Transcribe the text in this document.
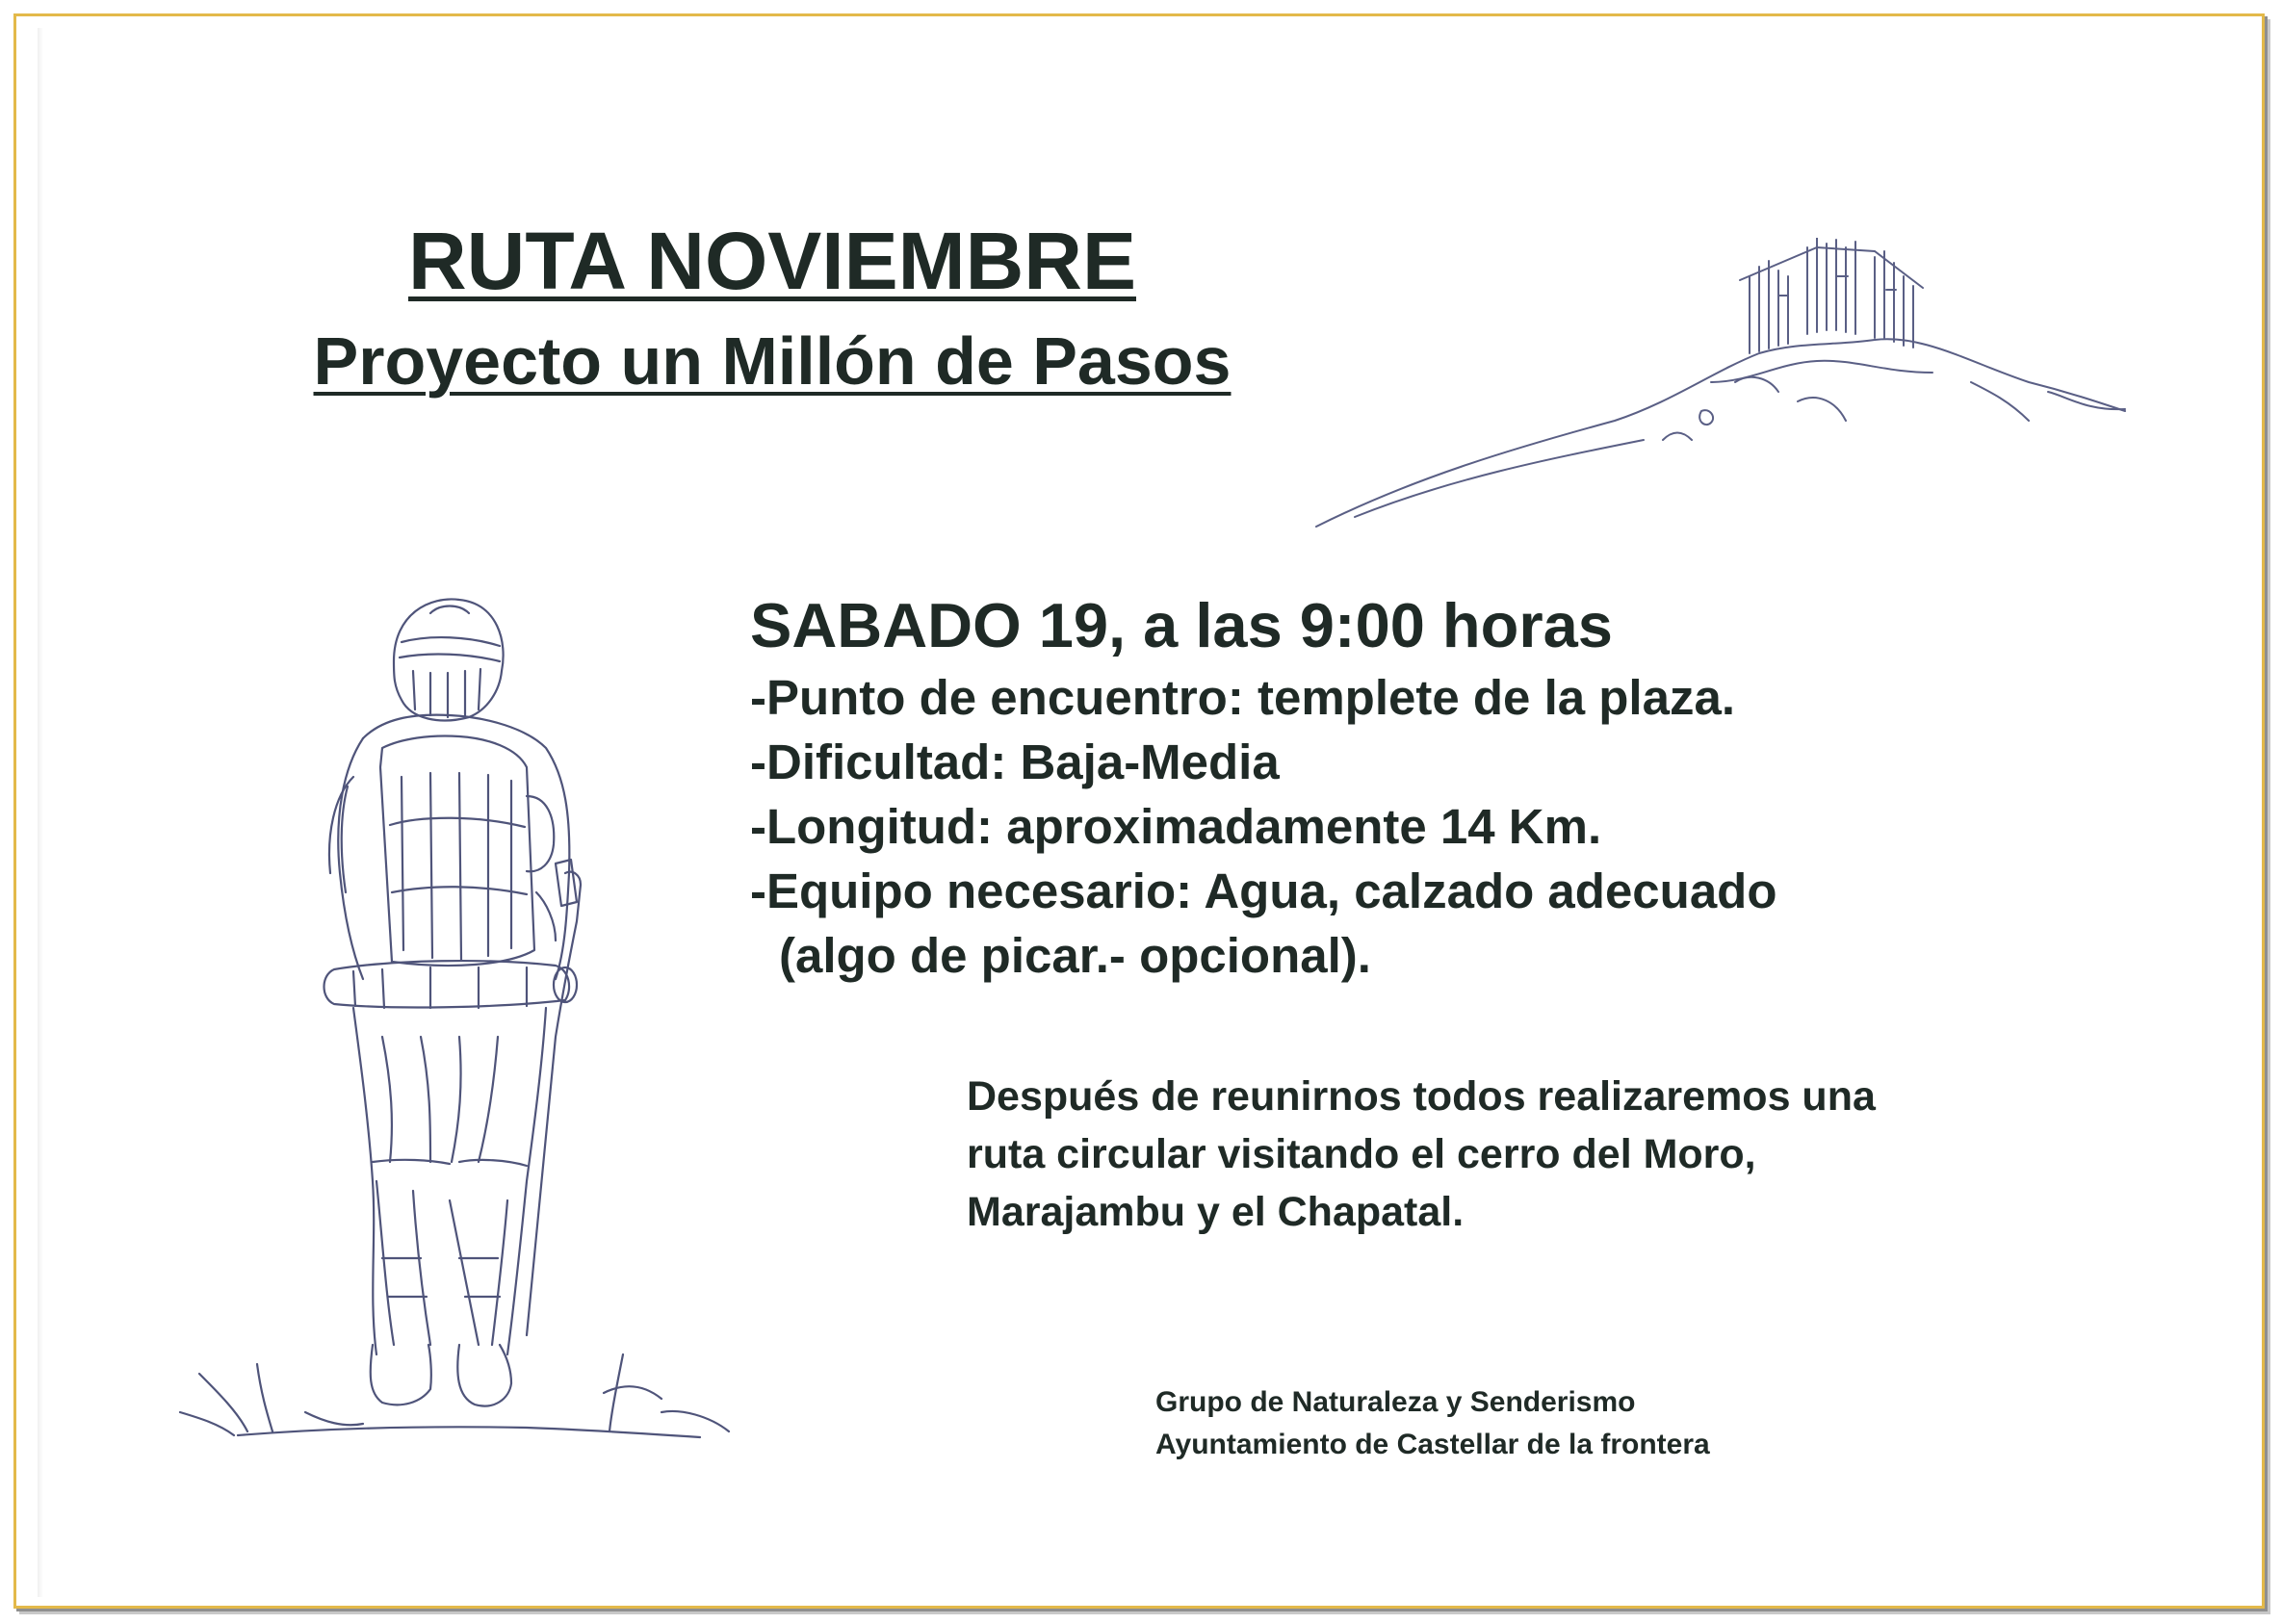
RUTA NOVIEMBRE
Proyecto un Millón de Pasos
SABADO 19, a las 9:00 horas
-Punto de encuentro: templete de la plaza.
-Dificultad: Baja-Media
-Longitud: aproximadamente 14 Km.
-Equipo necesario: Agua, calzado adecuado
(algo de picar.- opcional).
Después de reunirnos todos realizaremos una
ruta circular visitando el cerro del Moro,
Marajambu y el Chapatal.
Grupo de Naturaleza y Senderismo
Ayuntamiento de Castellar de la frontera
